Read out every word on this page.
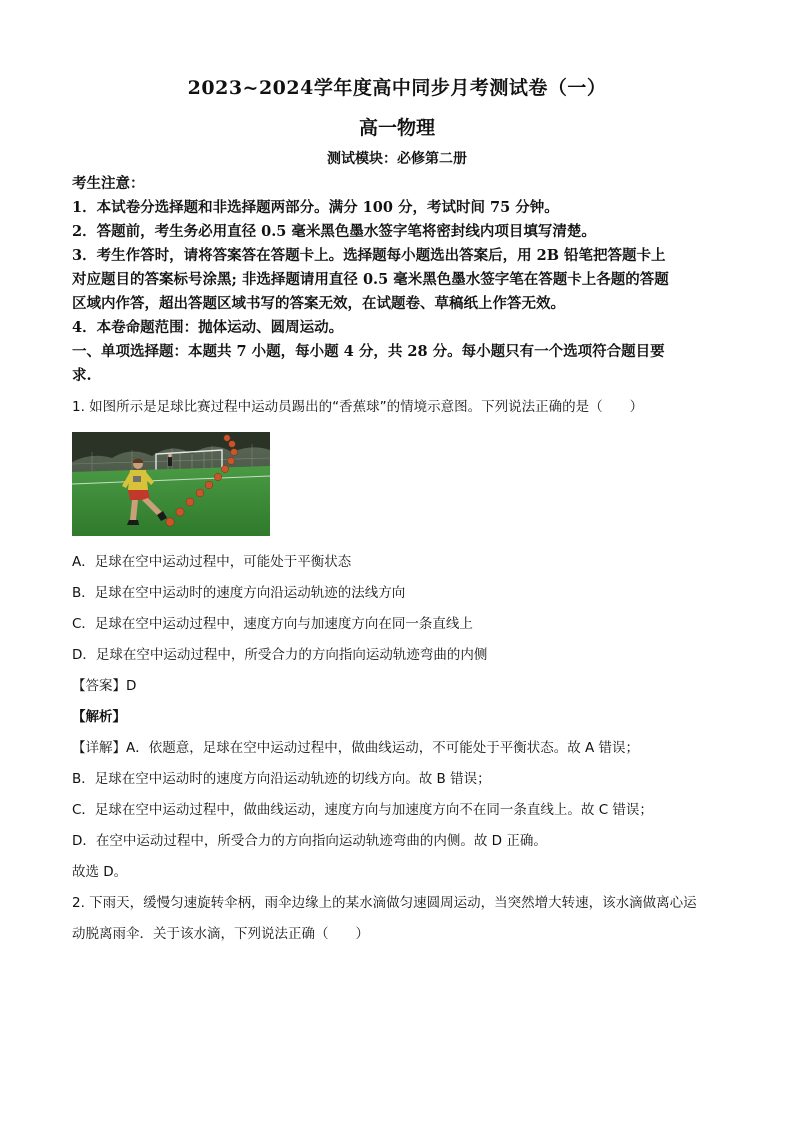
2023~2024学年度高中同步月考测试卷（一）
高一物理
测试模块：必修第二册

考生注意：

1．本试卷分选择题和非选择题两部分。满分 100 分，考试时间 75 分钟。

2．答题前，考生务必用直径 0.5 毫米黑色墨水签字笔将密封线内项目填写清楚。

3．考生作答时，请将答案答在答题卡上。选择题每小题选出答案后，用 2B 铅笔把答题卡上

对应题目的答案标号涂黑; 非选择题请用直径 0.5 毫米黑色墨水签字笔在答题卡上各题的答题

区域内作答，超出答题区域书写的答案无效，在试题卷、草稿纸上作答无效。

4．本卷命题范围：抛体运动、圆周运动。

一、单项选择题：本题共 7 小题，每小题 4 分，共 28 分。每小题只有一个选项符合题目要

求.

1. 如图所示是足球比赛过程中运动员踢出的“香蕉球”的情境示意图。下列说法正确的是（　　）

A．足球在空中运动过程中，可能处于平衡状态

B．足球在空中运动时的速度方向沿运动轨迹的法线方向

C．足球在空中运动过程中，速度方向与加速度方向在同一条直线上

D．足球在空中运动过程中，所受合力的方向指向运动轨迹弯曲的内侧

【答案】D

【解析】

【详解】A．依题意，足球在空中运动过程中，做曲线运动，不可能处于平衡状态。故 A 错误；

B．足球在空中运动时的速度方向沿运动轨迹的切线方向。故 B 错误；

C．足球在空中运动过程中，做曲线运动，速度方向与加速度方向不在同一条直线上。故 C 错误；

D．在空中运动过程中，所受合力的方向指向运动轨迹弯曲的内侧。故 D 正确。

故选 D。

2. 下雨天，缓慢匀速旋转伞柄，雨伞边缘上的某水滴做匀速圆周运动，当突然增大转速，该水滴做离心运

动脱离雨伞．关于该水滴，下列说法正确（　　）
